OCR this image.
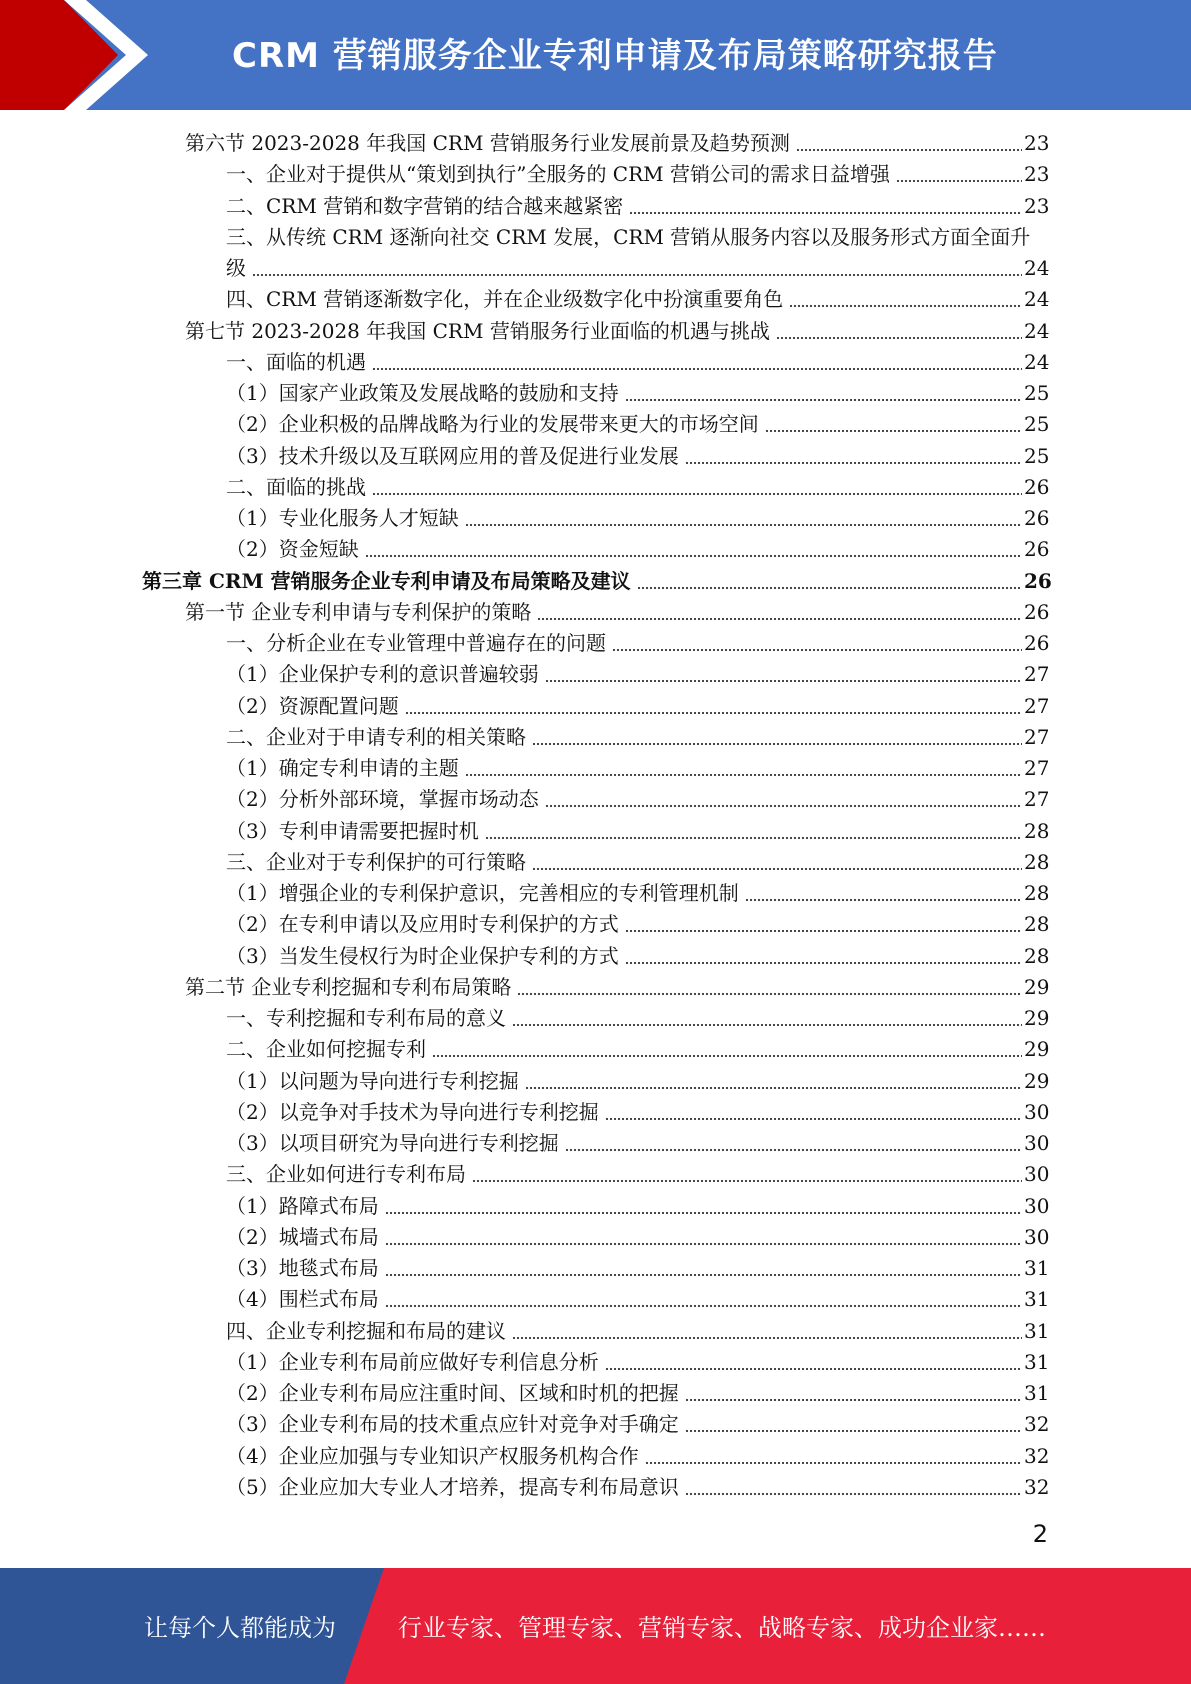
CRM 营销服务企业专利申请及布局策略研究报告
第六节 2023-2028 年我国 CRM 营销服务行业发展前景及趋势预测	23
一、企业对于提供从“策划到执行”全服务的 CRM 营销公司的需求日益增强	23
二、CRM 营销和数字营销的结合越来越紧密	23
三、从传统 CRM 逐渐向社交 CRM 发展，CRM 营销从服务内容以及服务形式方面全面升
级	24
四、CRM 营销逐渐数字化，并在企业级数字化中扮演重要角色	24
第七节 2023-2028 年我国 CRM 营销服务行业面临的机遇与挑战	24
一、面临的机遇	24
（1）国家产业政策及发展战略的鼓励和支持	25
（2）企业积极的品牌战略为行业的发展带来更大的市场空间	25
（3）技术升级以及互联网应用的普及促进行业发展	25
二、面临的挑战	26
（1）专业化服务人才短缺	26
（2）资金短缺	26
第三章 CRM 营销服务企业专利申请及布局策略及建议	26
第一节 企业专利申请与专利保护的策略	26
一、分析企业在专业管理中普遍存在的问题	26
（1）企业保护专利的意识普遍较弱	27
（2）资源配置问题	27
二、企业对于申请专利的相关策略	27
（1）确定专利申请的主题	27
（2）分析外部环境，掌握市场动态	27
（3）专利申请需要把握时机	28
三、企业对于专利保护的可行策略	28
（1）增强企业的专利保护意识，完善相应的专利管理机制	28
（2）在专利申请以及应用时专利保护的方式	28
（3）当发生侵权行为时企业保护专利的方式	28
第二节 企业专利挖掘和专利布局策略	29
一、专利挖掘和专利布局的意义	29
二、企业如何挖掘专利	29
（1）以问题为导向进行专利挖掘	29
（2）以竞争对手技术为导向进行专利挖掘	30
（3）以项目研究为导向进行专利挖掘	30
三、企业如何进行专利布局	30
（1）路障式布局	30
（2）城墙式布局	30
（3）地毯式布局	31
（4）围栏式布局	31
四、企业专利挖掘和布局的建议	31
（1）企业专利布局前应做好专利信息分析	31
（2）企业专利布局应注重时间、区域和时机的把握	31
（3）企业专利布局的技术重点应针对竞争对手确定	32
（4）企业应加强与专业知识产权服务机构合作	32
（5）企业应加大专业人才培养，提高专利布局意识	32
2
让每个人都能成为	行业专家、管理专家、营销专家、战略专家、成功企业家……
